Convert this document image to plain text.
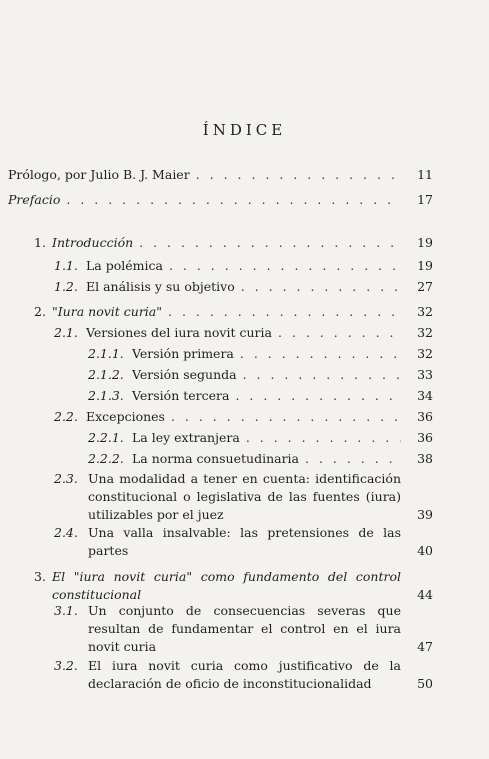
ÍNDICE
Prólogo, por Julio B. J. Maier . . .	11
Prefacio . . .	17
1. Introducción . . .	19
1.1. La polémica . . .	19
1.2. El análisis y su objetivo . . .	27
2. "Iura novit curia" . . .	32
2.1. Versiones del iura novit curia . . .	32
2.1.1. Versión primera . . .	32
2.1.2. Versión segunda . . .	33
2.1.3. Versión tercera . . .	34
2.2. Excepciones . . .	36
2.2.1. La ley extranjera . . .	36
2.2.2. La norma consuetudinaria . . .	38
2.3. Una modalidad a tener en cuenta: identificación constitucional o legislativa de las fuentes (iura) utilizables por el juez	39
2.4. Una valla insalvable: las pretensiones de las partes	40
3. El "iura novit curia" como fundamento del control constitucional	44
3.1. Un conjunto de consecuencias severas que resultan de fundamentar el control en el iura novit curia	47
3.2. El iura novit curia como justificativo de la declaración de oficio de inconstitucionalidad	50
